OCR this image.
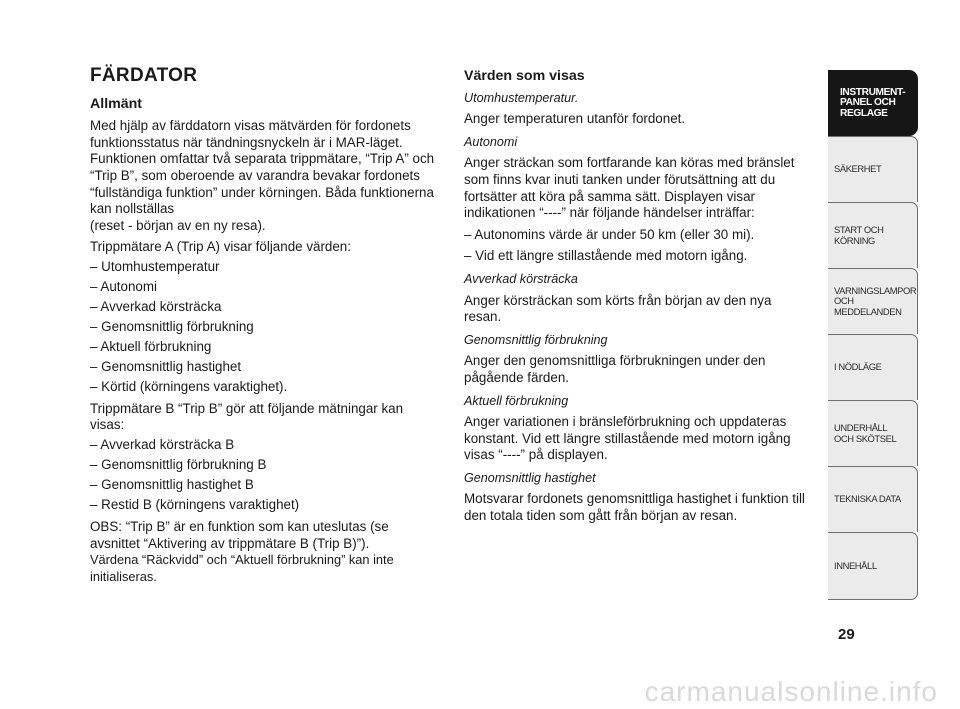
FÄRDATOR
Allmänt

Med hjälp av färddatorn visas mätvärden för fordonets funktionsstatus när tändningsnyckeln är i MAR-läget. Funktionen omfattar två separata trippmätare, “Trip A” och “Trip B”, som oberoende av varandra bevakar fordonets “fullständiga funktion” under körningen. Båda funktionerna kan nollställas
(reset - början av en ny resa).

Trippmätare A (Trip A) visar följande värden:

– Utomhustemperatur
– Autonomi
– Avverkad körsträcka
– Genomsnittlig förbrukning
– Aktuell förbrukning
– Genomsnittlig hastighet
– Körtid (körningens varaktighet).

Trippmätare B “Trip B” gör att följande mätningar kan visas:

– Avverkad körsträcka B
– Genomsnittlig förbrukning B
– Genomsnittlig hastighet B
– Restid B (körningens varaktighet)

OBS: “Trip B” är en funktion som kan uteslutas (se avsnittet “Aktivering av trippmätare B (Trip B)”).
Värdena “Räckvidd” och “Aktuell förbrukning” kan inte initialiseras.

Värden som visas
Utomhustemperatur.

Anger temperaturen utanför fordonet.

Autonomi

Anger sträckan som fortfarande kan köras med bränslet som finns kvar inuti tanken under förutsättning att du fortsätter att köra på samma sätt. Displayen visar indikationen “----” när följande händelser inträffar:

– Autonomins värde är under 50 km (eller 30 mi).

– Vid ett längre stillastående med motorn igång.

Avverkad körsträcka

Anger körsträckan som körts från början av den nya resan.

Genomsnittlig förbrukning

Anger den genomsnittliga förbrukningen under den pågående färden.

Aktuell förbrukning

Anger variationen i bränsleförbrukning och uppdateras konstant. Vid ett längre stillastående med motorn igång visas “----” på displayen.

Genomsnittlig hastighet

Motsvarar fordonets genomsnittliga hastighet i funktion till den totala tiden som gått från början av resan.

INSTRUMENT-
PANEL OCH
REGLAGE
SÄKERHET
START OCH
KÖRNING
VARNINGSLAMPOR
OCH
MEDDELANDEN
I NÖDLÄGE
UNDERHÅLL
OCH SKÖTSEL
TEKNISKA DATA
INNEHÅLL
29
carmanualsonline.info
